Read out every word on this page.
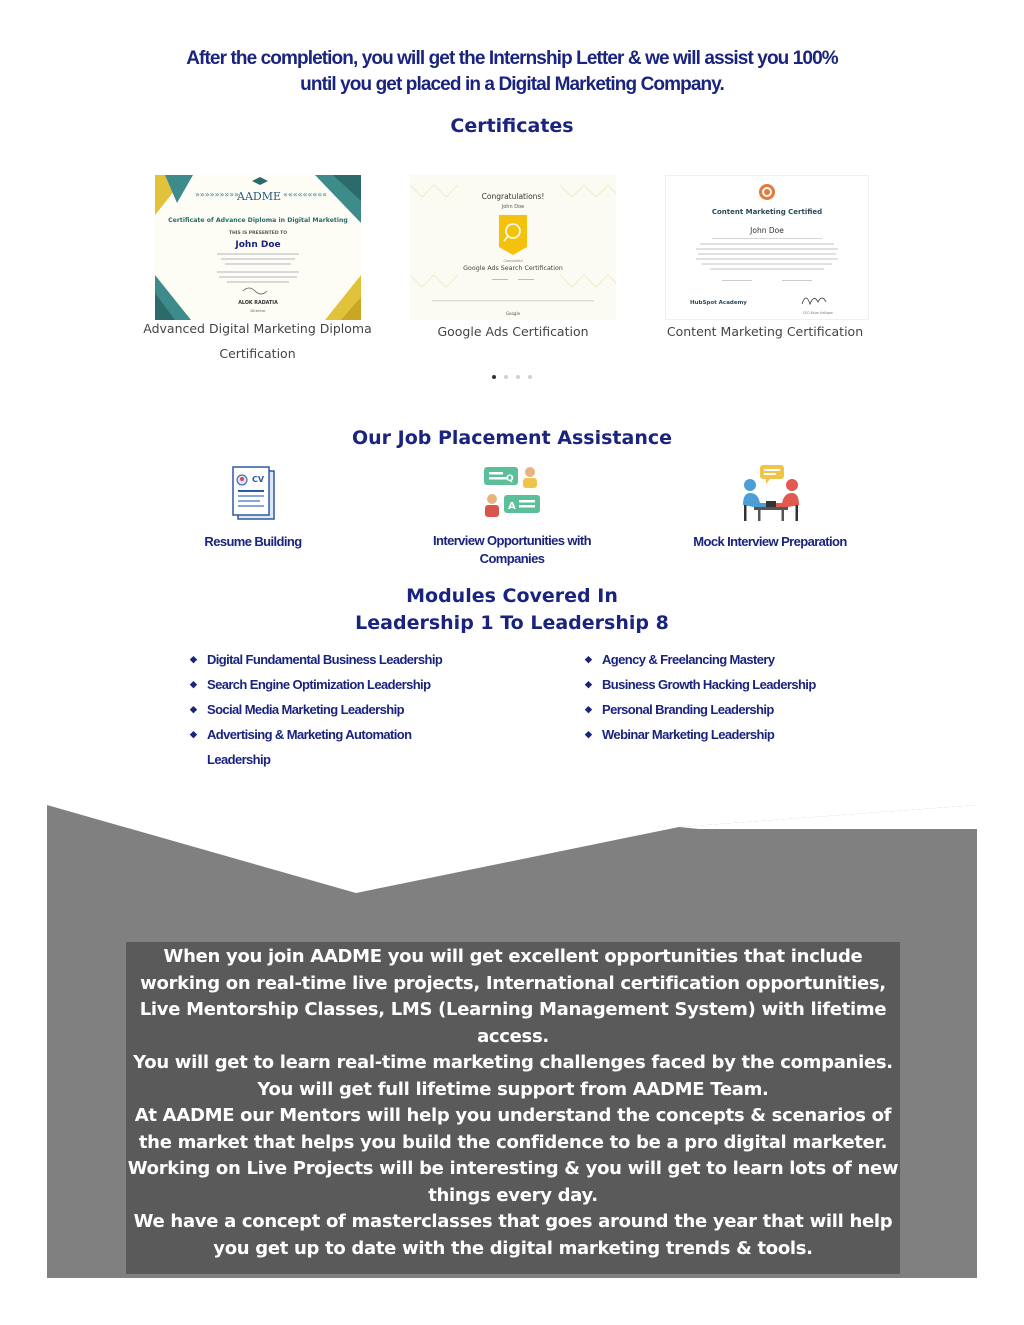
After the completion, you will get the Internship Letter & we will assist you 100%
until you get placed in a Digital Marketing Company.
Certificates
»»»»»»»»»	«««««««««
AADME
Certificate of Advance Diploma in Digital Marketing
THIS IS PRESENTED TO
John Doe
ALOK RADATIA
Director
Advanced Digital Marketing Diploma
Certification
Congratulations!
John Doe
Completed
Google Ads Search Certification
Google
Google Ads Certification
Content Marketing Certified
John Doe
HubSpot Academy
CEO Brian Halligan
Content Marketing Certification
Our Job Placement Assistance
CV
Resume Building
Q
A
Interview Opportunities with
Companies
Mock Interview Preparation
Modules Covered In
Leadership 1 To Leadership 8
◆ Digital Fundamental Business Leadership
◆ Search Engine Optimization Leadership
◆ Social Media Marketing Leadership
◆ Advertising & Marketing Automation
Leadership
◆ Agency & Freelancing Mastery
◆ Business Growth Hacking Leadership
◆ Personal Branding Leadership
◆ Webinar Marketing Leadership

When you join AADME you will get excellent opportunities that include working on real-time live projects, International certification opportunities, Live Mentorship Classes, LMS (Learning Management System) with lifetime access.

You will get to learn real-time marketing challenges faced by the companies. You will get full lifetime support from AADME Team.

At AADME our Mentors will help you understand the concepts & scenarios of the market that helps you build the confidence to be a pro digital marketer. Working on Live Projects will be interesting & you will get to learn lots of new things every day.

We have a concept of masterclasses that goes around the year that will help you get up to date with the digital marketing trends & tools.
